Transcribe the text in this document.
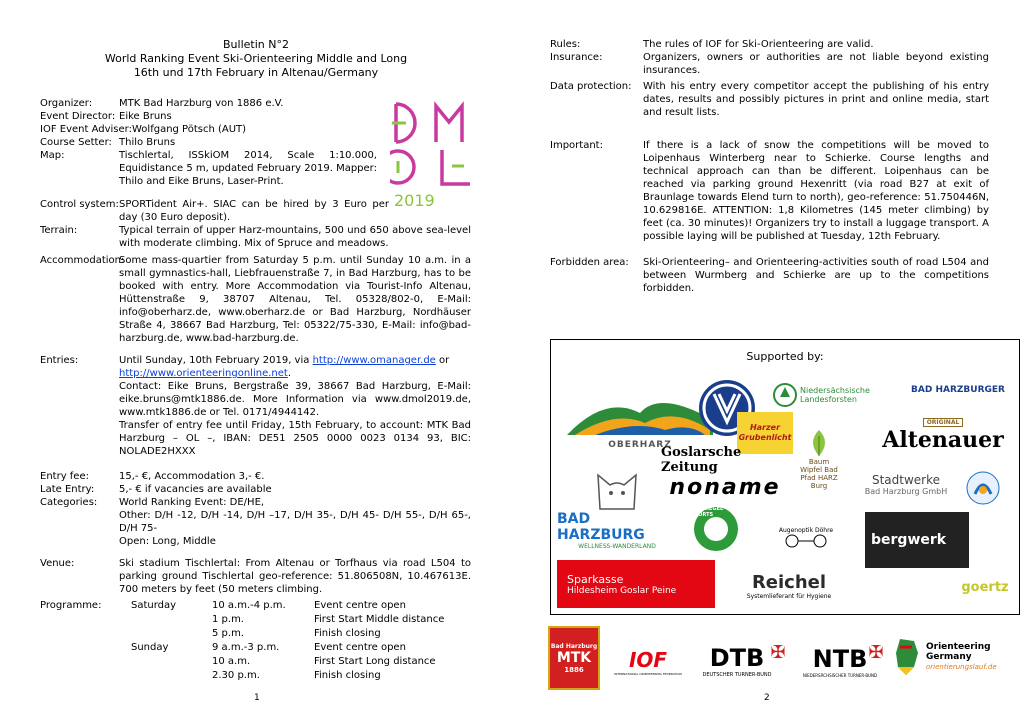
Bulletin N°2
World Ranking Event Ski-Orienteering Middle and Long
16th und 17th February in Altenau/Germany
Organizer:	MTK Bad Harzburg von 1886 e.V.
Event Director: Eike Bruns
IOF Event Adviser: Wolfgang Pötsch (AUT)
Course Setter: Thilo Bruns
Map:	Tischlertal, ISSkiOM 2014, Scale 1:10.000, Equidistance 5 m, updated February 2019. Mapper: Thilo and Eike Bruns, Laser-Print.
Control system: SPORTident Air+. SIAC can be hired by 3 Euro per day (30 Euro deposit).
2019
Terrain:	Typical terrain of upper Harz-mountains, 500 und 650 above sea-level with moderate climbing. Mix of Spruce and meadows.
Accommodation:
Some mass-quartier from Saturday 5 p.m. until Sunday 10 a.m. in a small gymnastics-hall, Liebfrauenstraße 7, in Bad Harzburg, has to be booked with entry. More Accommodation via Tourist-Info Altenau, Hüttenstraße 9, 38707 Altenau, Tel. 05328/802-0, E-Mail: info@oberharz.de, www.oberharz.de or Bad Harzburg, Nordhäuser Straße 4, 38667 Bad Harzburg, Tel: 05322/75-330, E-Mail: info@bad-harzburg.de, www.bad-harzburg.de.
Entries:	Until Sunday, 10th February 2019, via http://www.omanager.de or
http://www.orienteeringonline.net.
Contact: Eike Bruns, Bergstraße 39, 38667 Bad Harzburg, E-Mail: eike.bruns@mtk1886.de. More Information via www.dmol2019.de, www.mtk1886.de or Tel. 0171/4944142.
Transfer of entry fee until Friday, 15th February, to account: MTK Bad Harzburg – OL –, IBAN: DE51 2505 0000 0023 0134 93, BIC: NOLADE2HXXX
Entry fee:	15,- €, Accommodation 3,- €.
Late Entry: 5,- € if vacancies are available
Categories: World Ranking Event: DE/HE,
Other: D/H -12, D/H -14, D/H –17, D/H 35-, D/H 45- D/H 55-, D/H 65-, D/H 75-
Open: Long, Middle
Venue:	Ski stadium Tischlertal: From Altenau or Torfhaus via road L504 to parking ground Tischlertal geo-reference: 51.806508N, 10.467613E. 700 meters by feet (50 meters climbing.
Programme:	Saturday	10 a.m.-4 p.m.	Event centre open
1 p.m.	First Start Middle distance
5 p.m.	Finish closing
Sunday	9 a.m.-3 p.m.	Event centre open
10 a.m.	First Start Long distance
2.30 p.m.	Finish closing
1
Rules:	The rules of IOF for Ski-Orienteering are valid.
Insurance:	Organizers, owners or authorities are not liable beyond existing insurances.
Data protection: With his entry every competitor accept the publishing of his entry dates, results and possibly pictures in print and online media, start and result lists.
Important:	If there is a lack of snow the competitions will be moved to Loipenhaus Winterberg near to Schierke. Course lengths and technical approach can than be different. Loipenhaus can be reached via parking ground Hexenritt (via road B27 at exit of Braunlage towards Elend turn to north), geo-reference: 51.750446N, 10.629816E. ATTENTION: 1,8 Kilometres (145 meter climbing) by feet (ca. 30 minutes)! Organizers try to install a luggage transport. A possible laying will be published at Tuesday, 12th February.
Forbidden area: Ski-Orienteering– and Orienteering-activities south of road L504 and between Wurmberg and Schierke are up to the competitions forbidden.
Supported by:
OBERHARZ
Niedersächsische
Landesforsten
BAD HARZBURGER
ORIGINAL
Altenauer
Harzer
Grubenlicht
Baum
Wipfel Bad
Pfad HARZ
Burg
Goslarsche Zeitung
noname	Stadtwerke
Bad Harzburg GmbH
BAD HARZBURG
WELLNESS-WANDERLAND
OLE SIEGEL SPORTS
Augenoptik Döhre
bergwerk
Sparkasse
Hildesheim Goslar Peine	Reichel
Systemlieferant für Hygiene
goertz
Bad Harzburg
MTK
1886 IOF
INTERNATIONAL ORIENTEERING FEDERATION
DTB
DEUTSCHER TURNER-BUND
✠ NTB
NIEDERSÄCHSISCHER TURNER-BUND
✠	Orienteering
Germany
orientierungslauf.de
2
